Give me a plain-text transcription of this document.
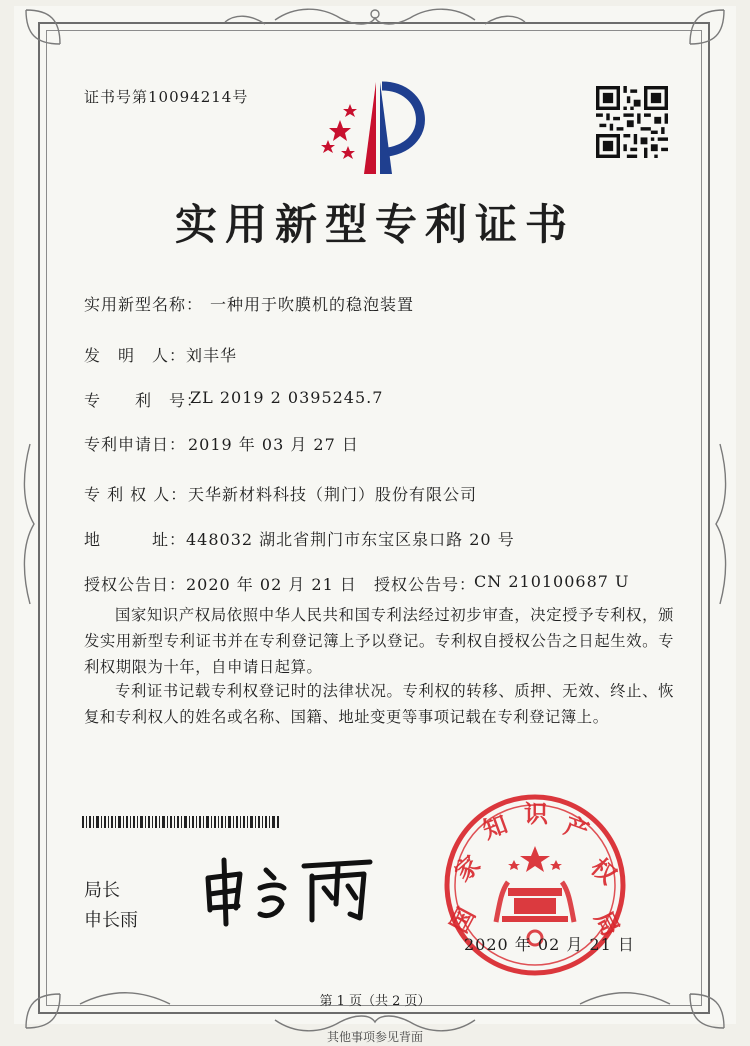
证书号第10094214号
实用新型专利证书
实用新型名称： 一种用于吹膜机的稳泡装置
发　明　人： 刘丰华
专　　利　号：
ZL 2019 2 0395245.7
专利申请日： 2019 年 03 月 27 日
专 利 权 人： 天华新材料科技（荆门）股份有限公司
地　　　址： 448032 湖北省荆门市东宝区泉口路 20 号
授权公告日： 2020 年 02 月 21 日 授权公告号：
CN 210100687 U
国家知识产权局依照中华人民共和国专利法经过初步审查，决定授予专利权，颁发实用新型专利证书并在专利登记簿上予以登记。专利权自授权公告之日起生效。专利权期限为十年，自申请日起算。
专利证书记载专利权登记时的法律状况。专利权的转移、质押、无效、终止、恢复和专利权人的姓名或名称、国籍、地址变更等事项记载在专利登记簿上。
局长
申长雨	国
家
知 识 产
权
局
2020 年 02 月 21 日
第 1 页（共 2 页）
其他事项参见背面
